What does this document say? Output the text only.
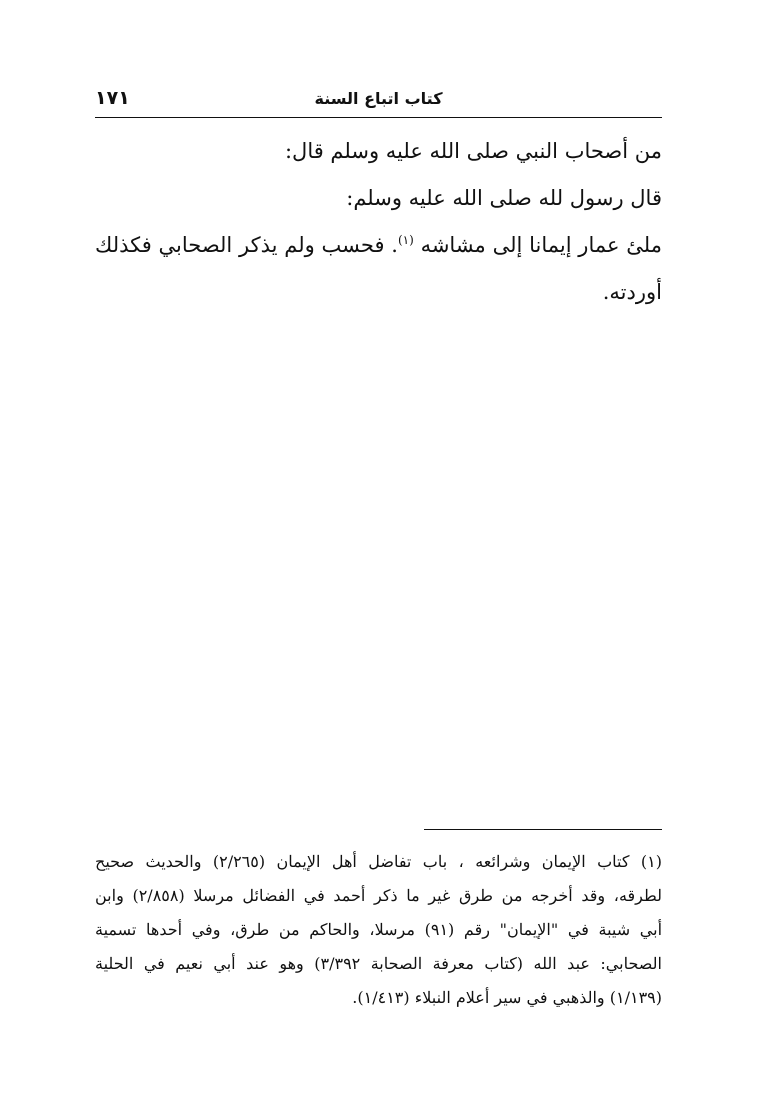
كتاب اتباع السنة
١٧١
من أصحاب النبي صلى الله عليه وسلم قال:
قال رسول لله صلى الله عليه وسلم:
ملئ عمار إيمانا إلى مشاشه $^{(١)}$. فحسب ولم يذكر الصحابي فكذلك
أوردته.
(١) كتاب الإيمان وشرائعه ، باب تفاضل أهل الإيمان (٢/٢٦٥) والحديث صحيح
لطرقه، وقد أخرجه من طرق غير ما ذكر أحمد في الفضائل مرسلا (٢/٨٥٨) وابن
أبي شيبة في "الإيمان" رقم (٩١) مرسلا، والحاكم من طرق، وفي أحدها تسمية
الصحابي: عبد الله (كتاب معرفة الصحابة ٣/٣٩٢) وهو عند أبي نعيم في الحلية
(١/١٣٩) والذهبي في سير أعلام النبلاء (١/٤١٣).
